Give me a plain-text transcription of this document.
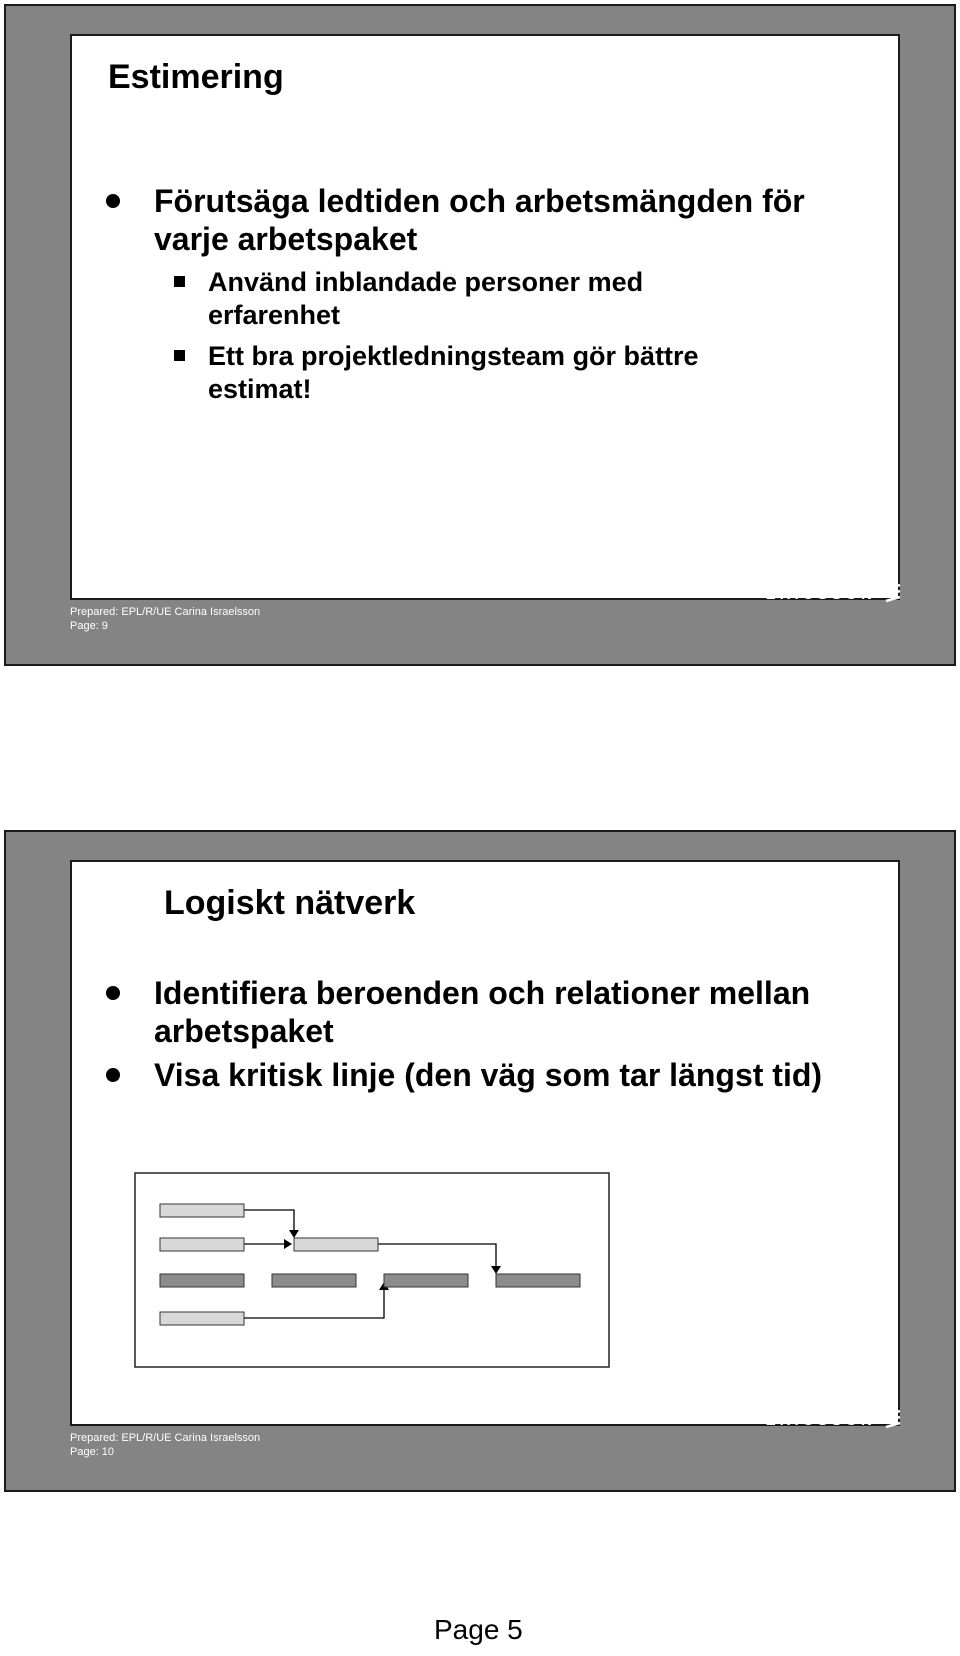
Estimering
Förutsäga ledtiden och arbetsmängden för varje arbetspaket
Använd inblandade personer med erfarenhet
Ett bra projektledningsteam gör bättre estimat!
Ericsson Erisoft AB
Prepared: EPL/R/UE Carina Israelsson
Page: 9
ERICSSON
Logiskt nätverk
Identifiera beroenden och relationer mellan arbetspaket
Visa kritisk linje (den väg som tar längst tid)
Ericsson Erisoft AB
Prepared: EPL/R/UE Carina Israelsson
Page: 10
ERICSSON
Page 5
